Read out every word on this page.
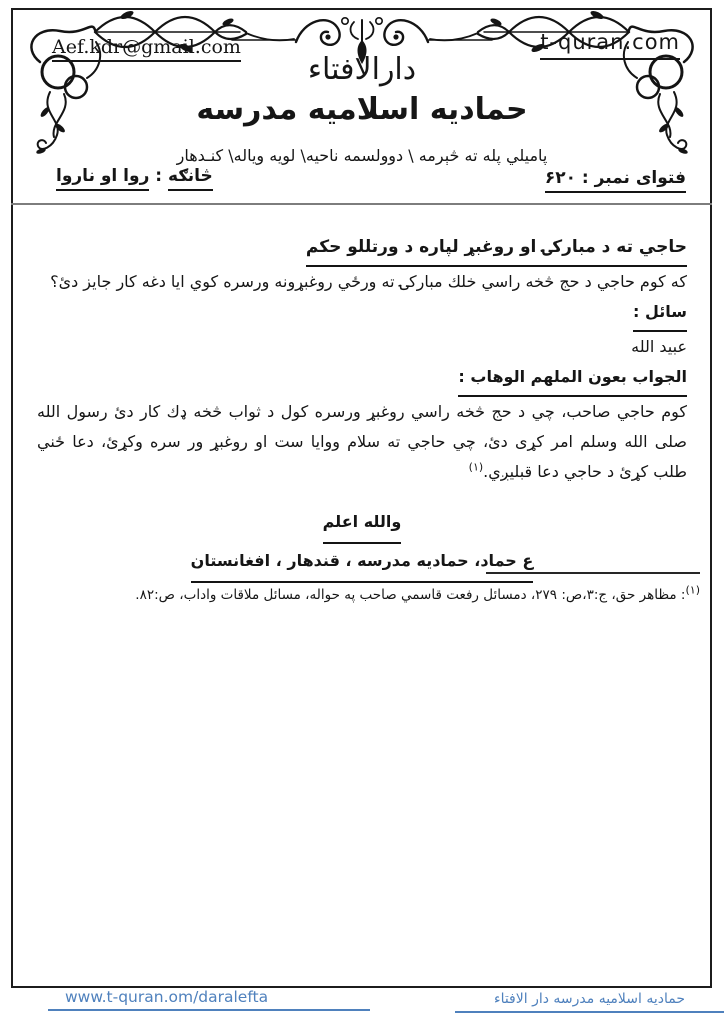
Aef.kdr@gmail.com	t-quran.com
دارالافتاء
حماديه اسلاميه مدرسه
پاميلي پله ته څېرمه \ دوولسمه ناحيه\ لويه وياله\ كنـدهار
څانګه : روا او ناروا	فتوای نمبر : ۶۲۰

حاجي ته د مباركۍ او روغبړ لپاره د ورتللو حكم

كه كوم حاجي د حج څخه راسي خلك مباركۍ ته ورځي روغبړونه ورسره كوي ايا دغه كار جايز دئ؟

سائل :

عبيد الله

الجواب بعون الملهم الوهاب :

كوم حاجي صاحب، چي د حج څخه راسي روغبړ ورسره كول د ثواب څخه ډك كار دئ رسول الله صلی الله وسلم امر كړی دئ، چي حاجي ته سلام ووايا ست او روغبړ ور سره وكړئ، دعا ځني طلب كړئ د حاجي دعا قبليږي.$^{(١)}$

والله اعلم
ع حماد، حماديه مدرسه ، قندهار ، افغانستان
$^{(١)}$: مظاهر حق، ج:٣،ص: ٢٧٩، دمسائل رفعت قاسمي صاحب په حواله، مسائل ملاقات واداب، ص:٨٢.
www.t-quran.om/daralefta	حماديه اسلاميه مدرسه دار الافتاء
